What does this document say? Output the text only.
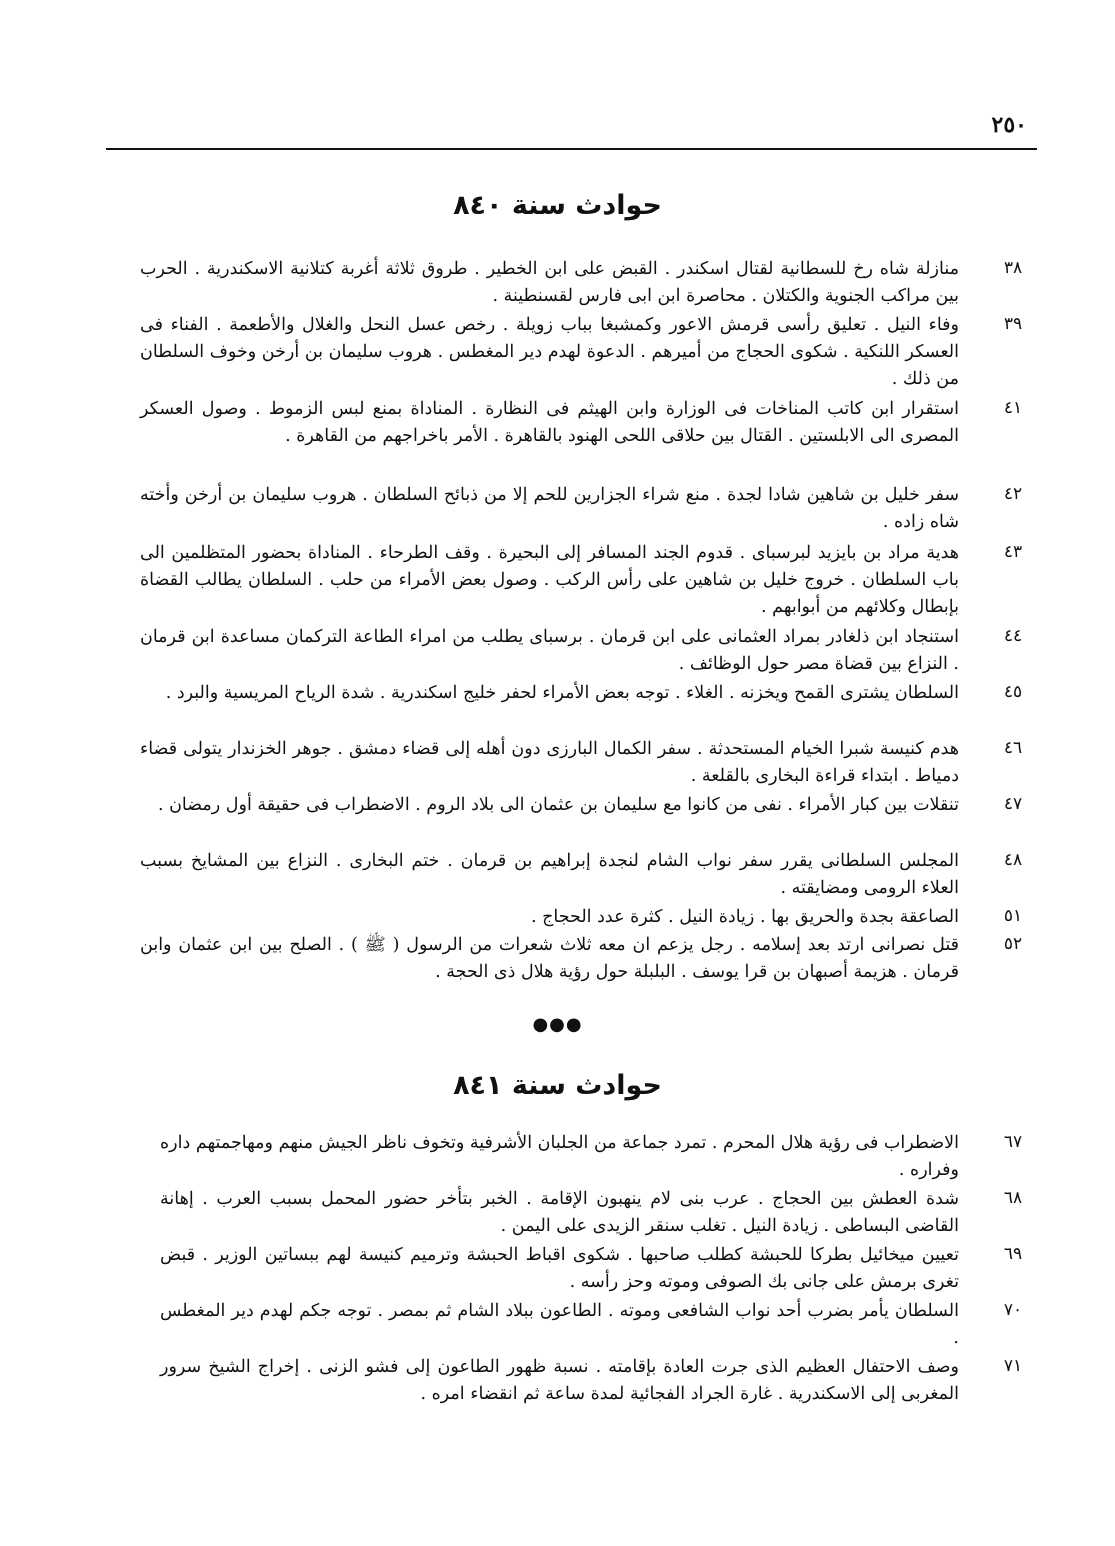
٢٥٠
حوادث سنة ٨٤٠
٣٨
منازلة شاه رخ للسطانية لقتال اسكندر . القبض على ابن الخطير . طروق ثلاثة أغربة كتلانية الاسكندرية . الحرب بين مراكب الجنوية والكتلان . محاصرة ابن ابى فارس لقسنطينة .
٣٩
وفاء النيل . تعليق رأسى قرمش الاعور وكمشبغا بباب زويلة . رخص عسل النحل والغلال والأطعمة . الفناء فى العسكر اللنكية . شكوى الحجاج من أميرهم . الدعوة لهدم دير المغطس . هروب سليمان بن أرخن وخوف السلطان من ذلك .
٤١
استقرار ابن كاتب المناخات فى الوزارة وابن الهيثم فى النظارة . المناداة بمنع لبس الزموط . وصول العسكر المصرى الى الابلستين . القتال بين حلاقى اللحى الهنود بالقاهرة . الأمر باخراجهم من القاهرة .
٤٢
سفر خليل بن شاهين شادا لجدة . منع شراء الجزارين للحم إلا من ذبائح السلطان . هروب سليمان بن أرخن وأخته شاه زاده .
٤٣
هدية مراد بن بايزيد لبرسباى . قدوم الجند المسافر إلى البحيرة . وقف الطرحاء . المناداة بحضور المتظلمين الى باب السلطان . خروج خليل بن شاهين على رأس الركب . وصول بعض الأمراء من حلب . السلطان يطالب القضاة بإبطال وكلائهم من أبوابهم .
٤٤
استنجاد ابن ذلغادر بمراد العثمانى على ابن قرمان . برسباى يطلب من امراء الطاعة التركمان مساعدة ابن قرمان . النزاع بين قضاة مصر حول الوظائف .
٤٥
السلطان يشترى القمح ويخزنه . الغلاء . توجه بعض الأمراء لحفر خليج اسكندرية . شدة الرياح المريسية والبرد .
٤٦
هدم كنيسة شبرا الخيام المستحدثة . سفر الكمال البارزى دون أهله إلى قضاء دمشق . جوهر الخزندار يتولى قضاء دمياط . ابتداء قراءة البخارى بالقلعة .
٤٧
تنقلات بين كبار الأمراء . نفى من كانوا مع سليمان بن عثمان الى بلاد الروم . الاضطراب فى حقيقة أول رمضان .
٤٨
المجلس السلطانى يقرر سفر نواب الشام لنجدة إبراهيم بن قرمان . ختم البخارى . النزاع بين المشايخ بسبب العلاء الرومى ومضايقته .
٥١
الصاعقة بجدة والحريق بها . زيادة النيل . كثرة عدد الحجاج .
٥٢
قتل نصرانى ارتد بعد إسلامه . رجل يزعم ان معه ثلاث شعرات من الرسول ( ﷺ ) . الصلح بين ابن عثمان وابن قرمان . هزيمة أصبهان بن قرا يوسف . البلبلة حول رؤية هلال ذى الحجة .
●●●
حوادث سنة ٨٤١
٦٧
الاضطراب فى رؤية هلال المحرم . تمرد جماعة من الجلبان الأشرفية وتخوف ناظر الجيش منهم ومهاجمتهم داره وفراره .
٦٨
شدة العطش بين الحجاج . عرب بنى لام ينهبون الإقامة . الخبر بتأخر حضور المحمل بسبب العرب . إهانة القاضى البساطى . زيادة النيل . تغلب سنقر الزيدى على اليمن .
٦٩
تعيين ميخائيل بطركا للحبشة كطلب صاحبها . شكوى اقباط الحبشة وترميم كنيسة لهم ببساتين الوزير . قبض تغرى برمش على جانى بك الصوفى وموته وحز رأسه .
٧٠
السلطان يأمر بضرب أحد نواب الشافعى وموته . الطاعون ببلاد الشام ثم بمصر . توجه جكم لهدم دير المغطس .
٧١
وصف الاحتفال العظيم الذى جرت العادة بإقامته . نسبة ظهور الطاعون إلى فشو الزنى . إخراج الشيخ سرور المغربى إلى الاسكندرية . غارة الجراد الفجائية لمدة ساعة ثم انقضاء امره .
